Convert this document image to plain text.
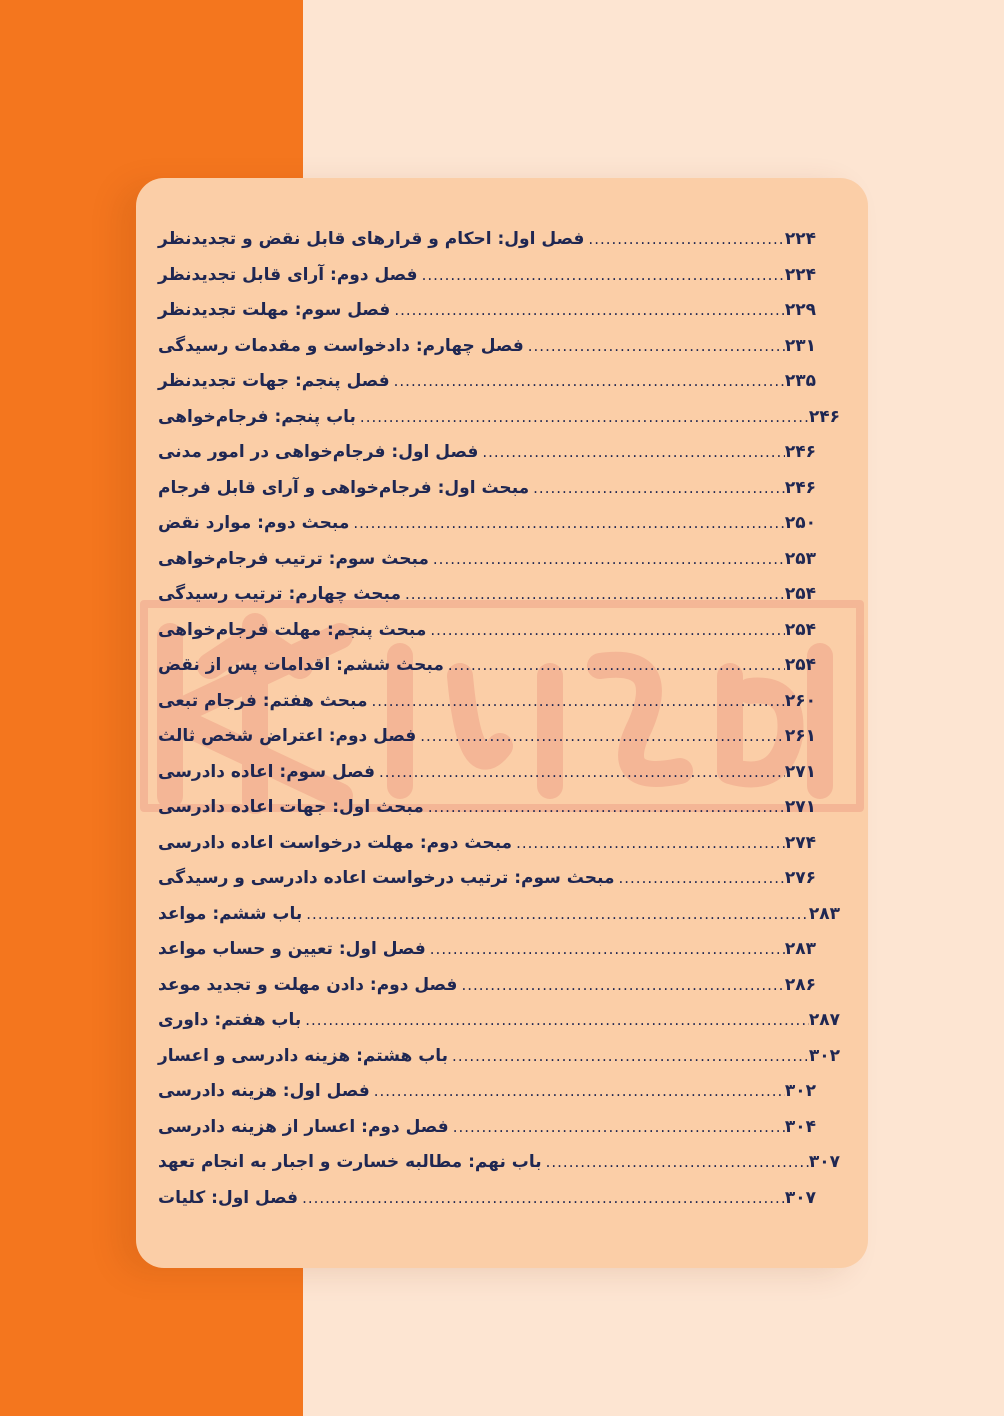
فصل اول: احکام و قرارهای قابل نقض و تجدیدنظر .....	۲۲۴
فصل دوم: آرای قابل تجدیدنظر .....	۲۲۴
فصل سوم: مهلت تجدیدنظر .....	۲۲۹
فصل چهارم: دادخواست و مقدمات رسیدگی .....	۲۳۱
فصل پنجم: جهات تجدیدنظر .....	۲۳۵
باب پنجم: فرجام‌خواهی .....	۲۴۶
فصل اول: فرجام‌خواهی در امور مدنی .....	۲۴۶
مبحث اول: فرجام‌خواهی و آرای قابل فرجام .....	۲۴۶
مبحث دوم: موارد نقض .....	۲۵۰
مبحث سوم: ترتیب فرجام‌خواهی .....	۲۵۳
مبحث چهارم: ترتیب رسیدگی .....	۲۵۴
مبحث پنجم: مهلت فرجام‌خواهی .....	۲۵۴
مبحث ششم: اقدامات پس از نقض .....	۲۵۴
مبحث هفتم: فرجام تبعی .....	۲۶۰
فصل دوم: اعتراض شخص ثالث .....	۲۶۱
فصل سوم: اعاده دادرسی .....	۲۷۱
مبحث اول: جهات اعاده دادرسی .....	۲۷۱
مبحث دوم: مهلت درخواست اعاده دادرسی .....	۲۷۴
مبحث سوم: ترتیب درخواست اعاده دادرسی و رسیدگی .....	۲۷۶
باب ششم: مواعد .....	۲۸۳
فصل اول: تعیین و حساب مواعد .....	۲۸۳
فصل دوم: دادن مهلت و تجدید موعد .....	۲۸۶
باب هفتم: داوری .....	۲۸۷
باب هشتم: هزینه دادرسی و اعسار .....	۳۰۲
فصل اول: هزینه دادرسی .....	۳۰۲
فصل دوم: اعسار از هزینه دادرسی .....	۳۰۴
باب نهم: مطالبه خسارت و اجبار به انجام تعهد .....	۳۰۷
فصل اول: کلیات .....	۳۰۷
